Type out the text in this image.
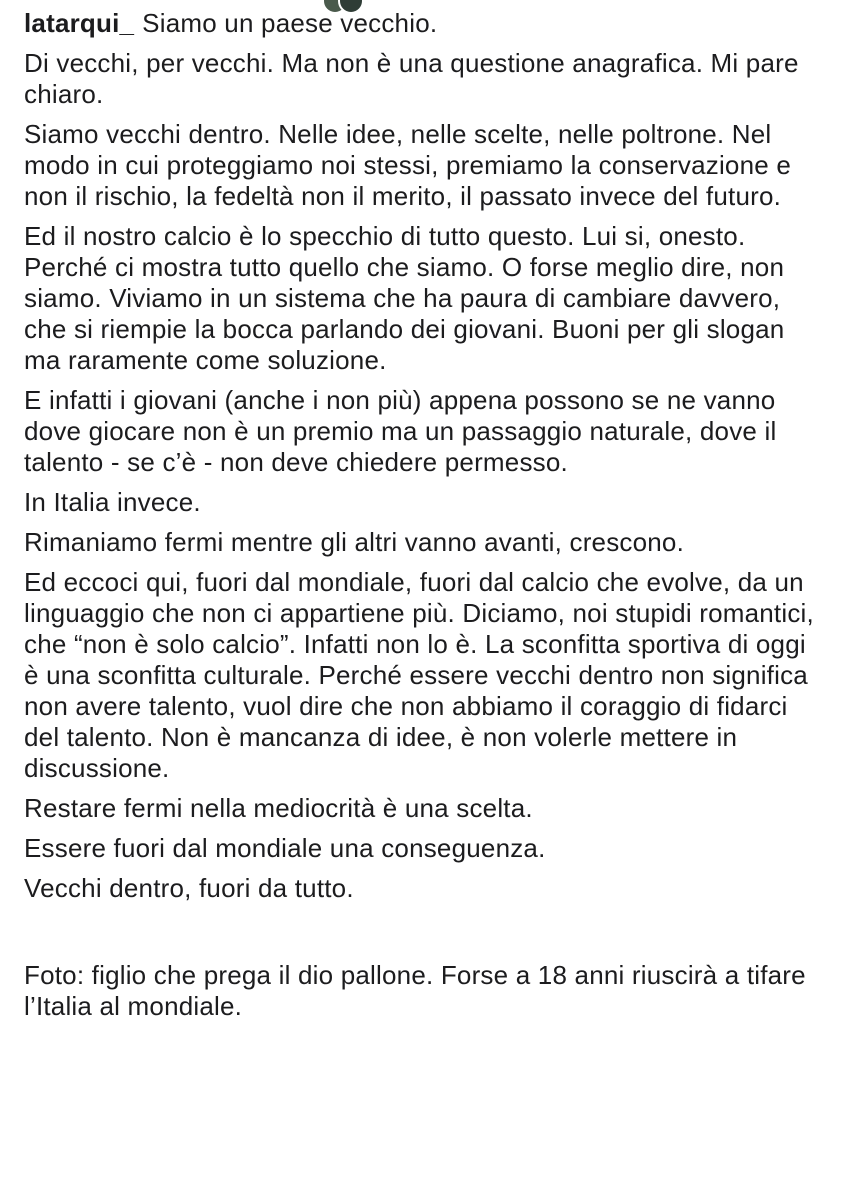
latarqui_ Siamo un paese vecchio.

Di vecchi, per vecchi. Ma non è una questione anagrafica. Mi pare chiaro.

Siamo vecchi dentro. Nelle idee, nelle scelte, nelle poltrone. Nel modo in cui proteggiamo noi stessi, premiamo la conservazione e non il rischio, la fedeltà non il merito, il passato invece del futuro.

Ed il nostro calcio è lo specchio di tutto questo. Lui si, onesto. Perché ci mostra tutto quello che siamo. O forse meglio dire, non siamo. Viviamo in un sistema che ha paura di cambiare davvero, che si riempie la bocca parlando dei giovani. Buoni per gli slogan ma raramente come soluzione.

E infatti i giovani (anche i non più) appena possono se ne vanno dove giocare non è un premio ma un passaggio naturale, dove il talento - se c’è - non deve chiedere permesso.

In Italia invece.

Rimaniamo fermi mentre gli altri vanno avanti, crescono.

Ed eccoci qui, fuori dal mondiale, fuori dal calcio che evolve, da un linguaggio che non ci appartiene più. Diciamo, noi stupidi romantici, che “non è solo calcio”. Infatti non lo è. La sconfitta sportiva di oggi è una sconfitta culturale. Perché essere vecchi dentro non significa non avere talento, vuol dire che non abbiamo il coraggio di fidarci del talento. Non è mancanza di idee, è non volerle mettere in discussione.

Restare fermi nella mediocrità è una scelta.

Essere fuori dal mondiale una conseguenza.

Vecchi dentro, fuori da tutto.

Foto: figlio che prega il dio pallone. Forse a 18 anni riuscirà a tifare l’Italia al mondiale.
